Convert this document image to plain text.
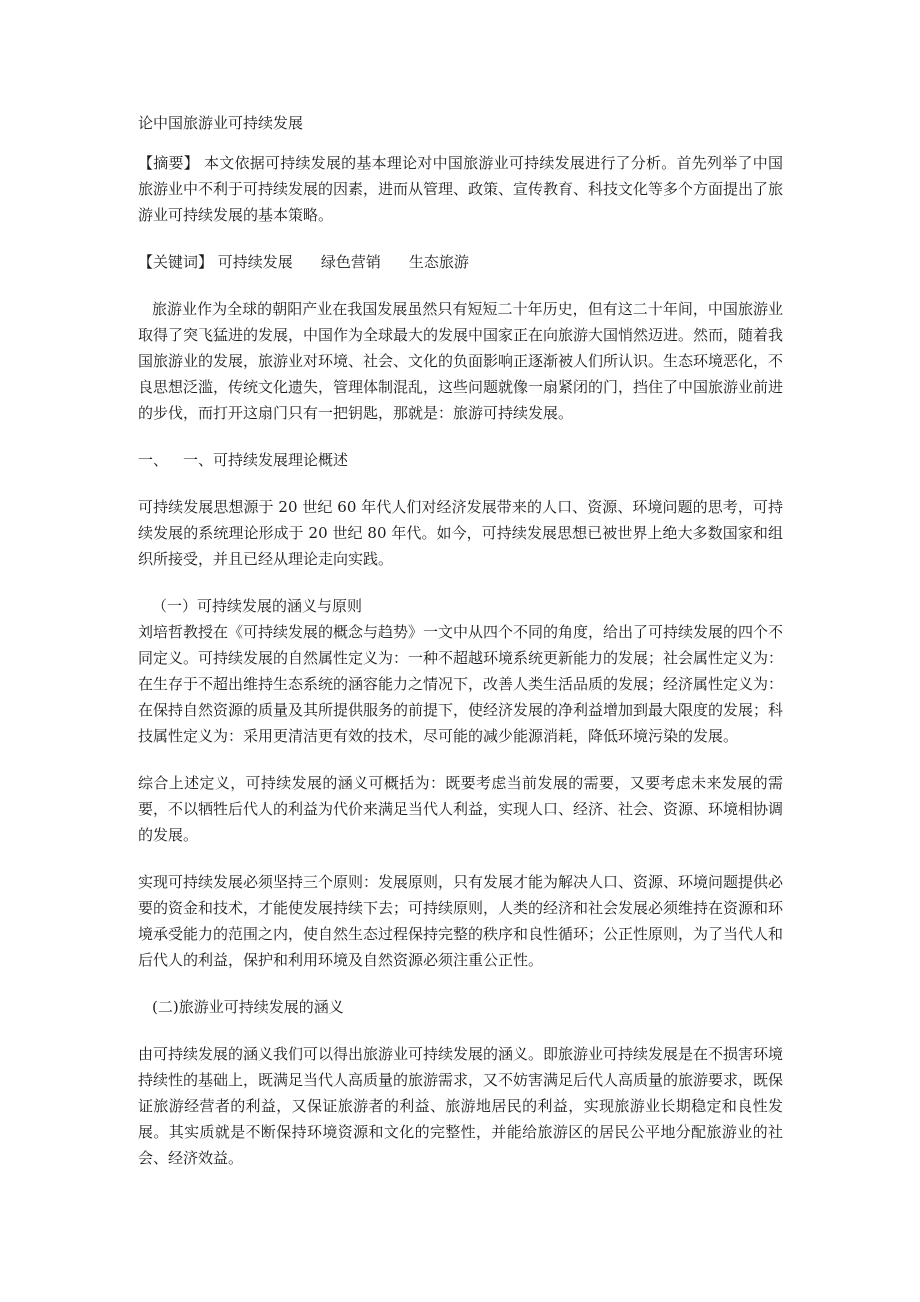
论中国旅游业可持续发展

【摘要】 本文依据可持续发展的基本理论对中国旅游业可持续发展进行了分析。首先列举了中国旅游业中不利于可持续发展的因素，进而从管理、政策、宣传教育、科技文化等多个方面提出了旅游业可持续发展的基本策略。

【关键词】 可持续发展 绿色营销 生态旅游

旅游业作为全球的朝阳产业在我国发展虽然只有短短二十年历史，但有这二十年间，中国旅游业取得了突飞猛进的发展，中国作为全球最大的发展中国家正在向旅游大国悄然迈进。然而，随着我国旅游业的发展，旅游业对环境、社会、文化的负面影响正逐渐被人们所认识。生态环境恶化，不良思想泛滥，传统文化遗失，管理体制混乱，这些问题就像一扇紧闭的门，挡住了中国旅游业前进的步伐，而打开这扇门只有一把钥匙，那就是：旅游可持续发展。

一、 一、可持续发展理论概述

可持续发展思想源于 20 世纪 60 年代人们对经济发展带来的人口、资源、环境问题的思考，可持续发展的系统理论形成于 20 世纪 80 年代。如今，可持续发展思想已被世界上绝大多数国家和组织所接受，并且已经从理论走向实践。

（一）可持续发展的涵义与原则

刘培哲教授在《可持续发展的概念与趋势》一文中从四个不同的角度，给出了可持续发展的四个不同定义。可持续发展的自然属性定义为：一种不超越环境系统更新能力的发展；社会属性定义为：在生存于不超出维持生态系统的涵容能力之情况下，改善人类生活品质的发展；经济属性定义为：在保持自然资源的质量及其所提供服务的前提下，使经济发展的净利益增加到最大限度的发展；科技属性定义为：采用更清洁更有效的技术，尽可能的减少能源消耗，降低环境污染的发展。

综合上述定义，可持续发展的涵义可概括为：既要考虑当前发展的需要，又要考虑未来发展的需要，不以牺牲后代人的利益为代价来满足当代人利益，实现人口、经济、社会、资源、环境相协调的发展。

实现可持续发展必须坚持三个原则：发展原则，只有发展才能为解决人口、资源、环境问题提供必要的资金和技术，才能使发展持续下去；可持续原则，人类的经济和社会发展必须维持在资源和环境承受能力的范围之内，使自然生态过程保持完整的秩序和良性循环；公正性原则，为了当代人和后代人的利益，保护和利用环境及自然资源必须注重公正性。

(二)旅游业可持续发展的涵义

由可持续发展的涵义我们可以得出旅游业可持续发展的涵义。即旅游业可持续发展是在不损害环境持续性的基础上，既满足当代人高质量的旅游需求，又不妨害满足后代人高质量的旅游要求，既保证旅游经营者的利益，又保证旅游者的利益、旅游地居民的利益，实现旅游业长期稳定和良性发展。其实质就是不断保持环境资源和文化的完整性，并能给旅游区的居民公平地分配旅游业的社会、经济效益。
